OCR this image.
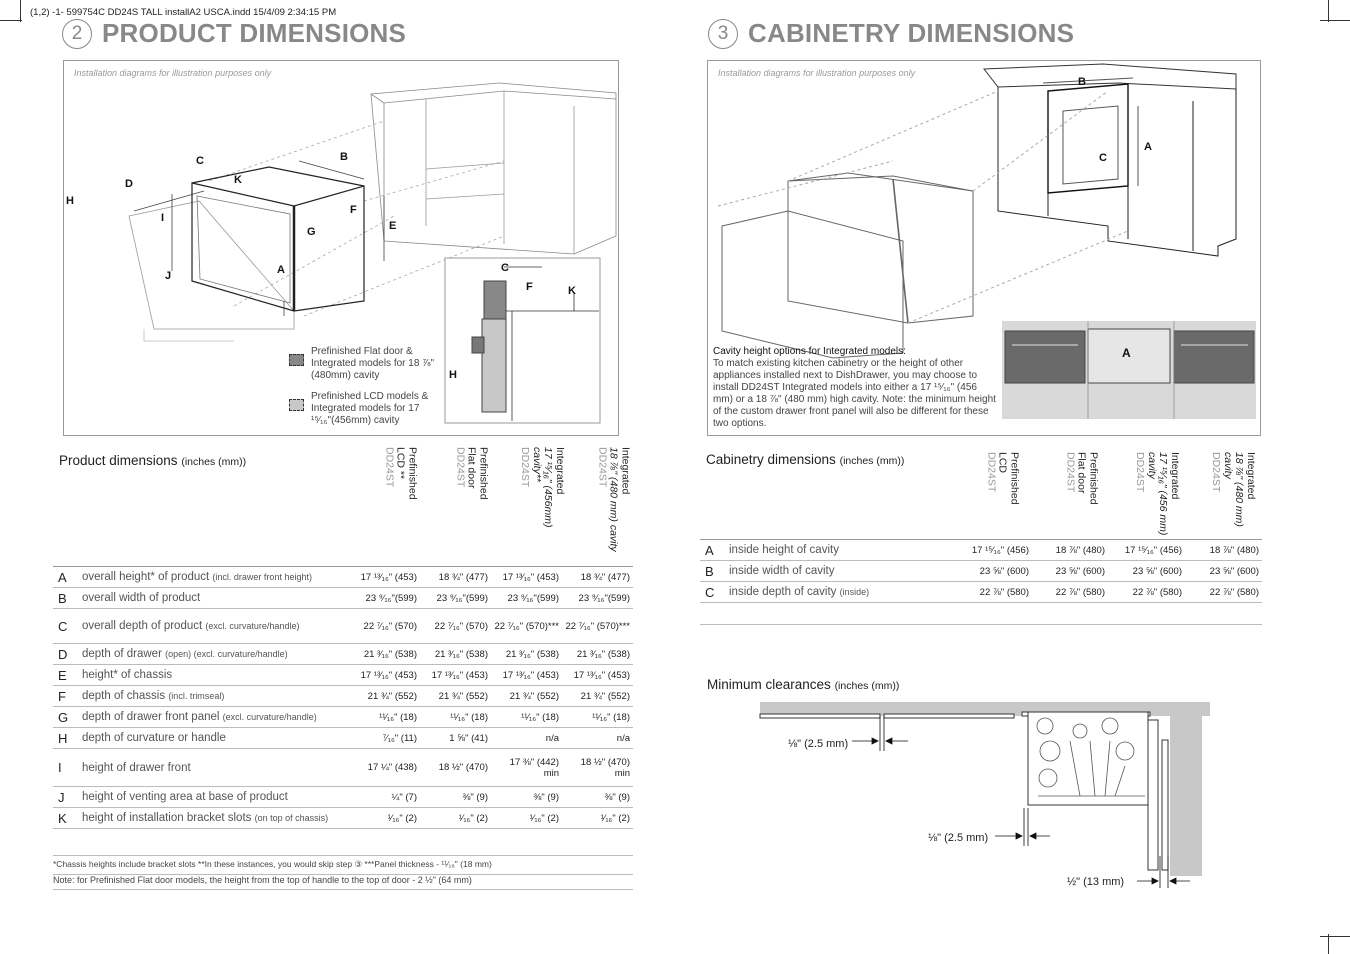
(1,2) -1- 599754C DD24S TALL installA2 USCA.indd 15/4/09 2:34:15 PM
2 PRODUCT DIMENSIONS
Installation diagrams for illustration purposes only
A
B
C
D
E
F
G
H
I
J
K
C
F	K
H
Prefinished Flat door & Integrated models for 18 ⅞"(480mm) cavity
Prefinished LCD models & Integrated models for 17 ¹⁵⁄₁₆"(456mm) cavity
Product dimensions (inches (mm))	Prefinished
LCD **
DD24ST	Prefinished
Flat door
DD24ST	Integrated
17 ¹⁵⁄₁₆" (456mm) cavity**
DD24ST	Integrated
18 ⅞" (480 mm) cavity
DD24ST
A	overall height* of product (incl. drawer front height)	17 ¹³⁄₁₆" (453)	18 ¾" (477)	17 ¹³⁄₁₆" (453)	18 ¾" (477)
B	overall width of product	23 ⁹⁄₁₆"(599)	23 ⁹⁄₁₆"(599)	23 ⁹⁄₁₆"(599)	23 ⁹⁄₁₆"(599)
C	overall depth of product (excl. curvature/handle)	22 ⁷⁄₁₆" (570)	22 ⁷⁄₁₆" (570)	22 ⁷⁄₁₆" (570)***	22 ⁷⁄₁₆" (570)***
D	depth of drawer (open) (excl. curvature/handle)	21 ³⁄₁₆" (538)	21 ³⁄₁₆" (538)	21 ³⁄₁₆" (538)	21 ³⁄₁₆" (538)
E	height* of chassis	17 ¹³⁄₁₆" (453)	17 ¹³⁄₁₆" (453)	17 ¹³⁄₁₆" (453)	17 ¹³⁄₁₆" (453)
F	depth of chassis (incl. trimseal)	21 ¾" (552)	21 ¾" (552)	21 ¾" (552)	21 ¾" (552)
G	depth of drawer front panel (excl. curvature/handle)	¹¹⁄₁₆" (18)	¹¹⁄₁₆" (18)	¹¹⁄₁₆" (18)	¹¹⁄₁₆" (18)
H	depth of curvature or handle	⁷⁄₁₆" (11)	1 ⅝" (41)	n/a	n/a
I	height of drawer front	17 ¼" (438)	18 ½" (470)	17 ⅜" (442) min	18 ½" (470) min
J	height of venting area at base of product	¼" (7)	⅜" (9)	⅜" (9)	⅜" (9)
K	height of installation bracket slots (on top of chassis)	¹⁄₁₆" (2)	¹⁄₁₆" (2)	¹⁄₁₆" (2)	¹⁄₁₆" (2)
*Chassis heights include bracket slots **In these instances, you would skip step ③ ***Panel thickness - ¹¹⁄₁₆" (18 mm)
Note: for Prefinished Flat door models, the height from the top of handle to the top of door - 2 ½" (64 mm)
3 CABINETRY DIMENSIONS
Installation diagrams for illustration purposes only
A
B
C
A
Cavity height options for Integrated models:
To match existing kitchen cabinetry or the height of other appliances installed next to DishDrawer, you may choose to install DD24ST Integrated models into either a 17 ¹⁵⁄₁₆" (456 mm) or a 18 ⅞" (480 mm) high cavity. Note: the minimum height of the custom drawer front panel will also be different for these two options.
Cabinetry dimensions (inches (mm))	Prefinished
LCD
DD24ST	Prefinished
Flat door
DD24ST	Integrated
17 ¹⁵⁄₁₆" (456 mm) cavity
DD24ST	Integrated
18 ⅞" (480 mm) cavity
DD24ST
A	inside height of cavity	17 ¹⁵⁄₁₆" (456)	18 ⅞" (480)	17 ¹⁵⁄₁₆" (456)	18 ⅞" (480)
B	inside width of cavity	23 ⅝" (600)	23 ⅝" (600)	23 ⅝" (600)	23 ⅝" (600)
C	inside depth of cavity (inside)	22 ⅞" (580)	22 ⅞" (580)	22 ⅞" (580)	22 ⅞" (580)
Minimum clearances (inches (mm))
⅛" (2.5 mm)
⅛" (2.5 mm)
½" (13 mm)
